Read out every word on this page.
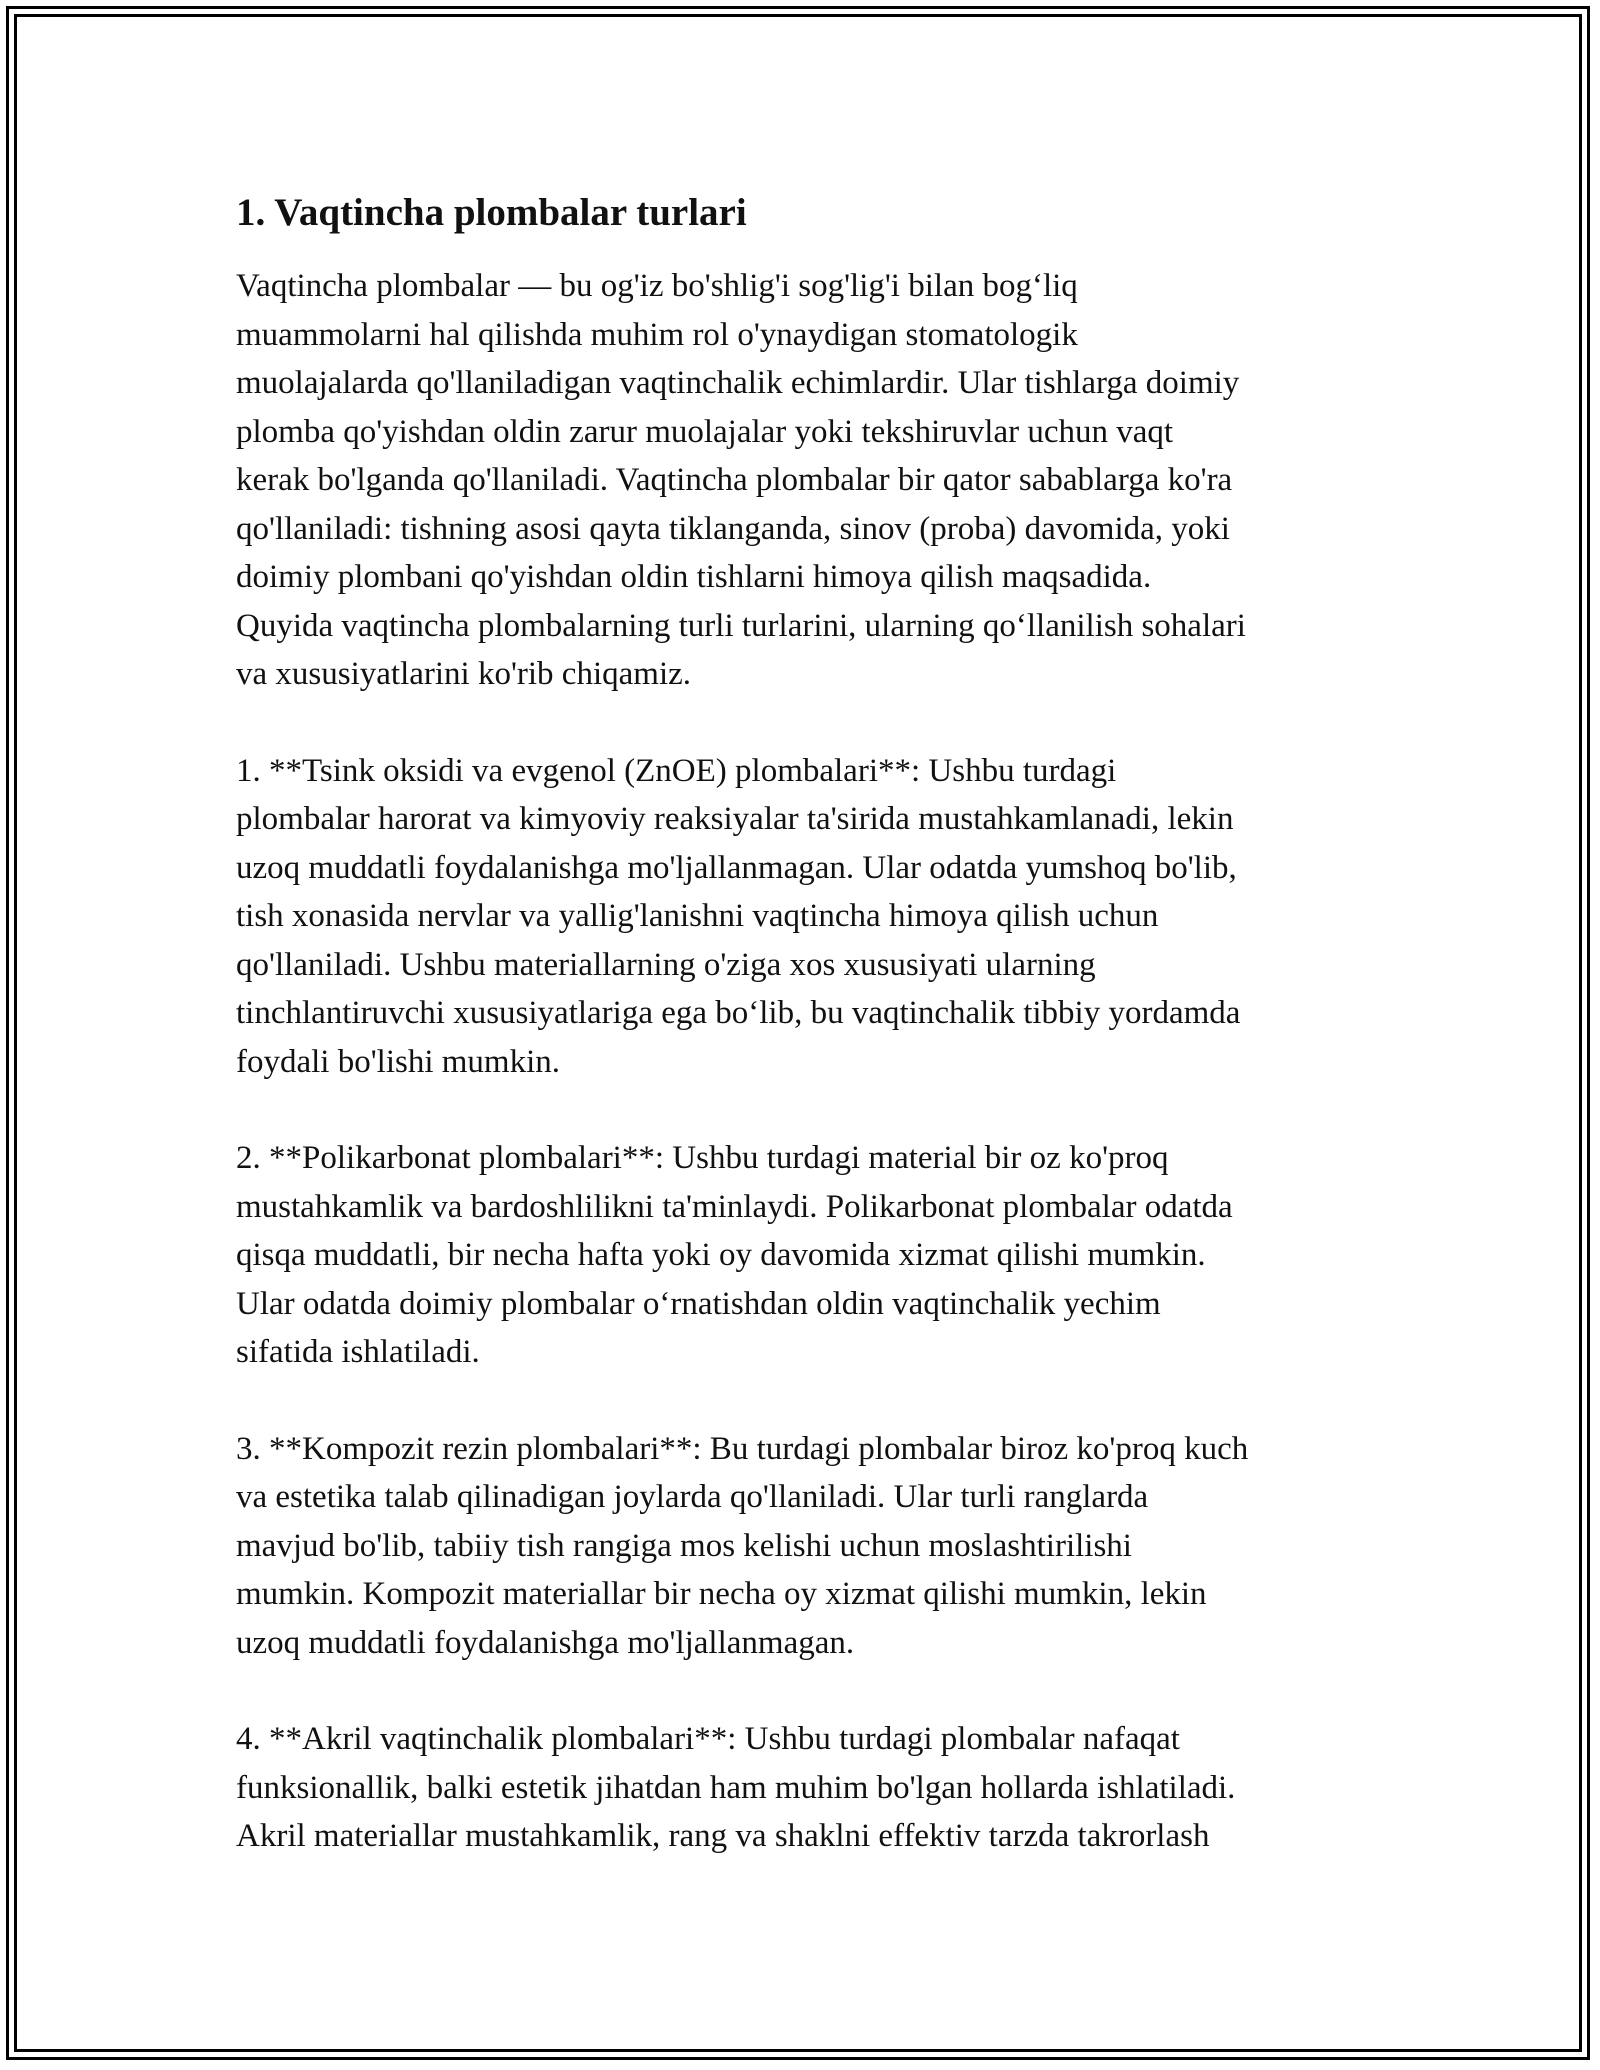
1. Vaqtincha plombalar turlari

Vaqtincha plombalar — bu og'iz bo'shlig'i sog'lig'i bilan bog‘liq
muammolarni hal qilishda muhim rol o'ynaydigan stomatologik
muolajalarda qo'llaniladigan vaqtinchalik echimlardir. Ular tishlarga doimiy
plomba qo'yishdan oldin zarur muolajalar yoki tekshiruvlar uchun vaqt
kerak bo'lganda qo'llaniladi. Vaqtincha plombalar bir qator sabablarga ko'ra
qo'llaniladi: tishning asosi qayta tiklanganda, sinov (proba) davomida, yoki
doimiy plombani qo'yishdan oldin tishlarni himoya qilish maqsadida.
Quyida vaqtincha plombalarning turli turlarini, ularning qo‘llanilish sohalari
va xususiyatlarini ko'rib chiqamiz.

1. **Tsink oksidi va evgenol (ZnOE) plombalari**: Ushbu turdagi
plombalar harorat va kimyoviy reaksiyalar ta'sirida mustahkamlanadi, lekin
uzoq muddatli foydalanishga mo'ljallanmagan. Ular odatda yumshoq bo'lib,
tish xonasida nervlar va yallig'lanishni vaqtincha himoya qilish uchun
qo'llaniladi. Ushbu materiallarning o'ziga xos xususiyati ularning
tinchlantiruvchi xususiyatlariga ega bo‘lib, bu vaqtinchalik tibbiy yordamda
foydali bo'lishi mumkin.

2. **Polikarbonat plombalari**: Ushbu turdagi material bir oz ko'proq
mustahkamlik va bardoshlilikni ta'minlaydi. Polikarbonat plombalar odatda
qisqa muddatli, bir necha hafta yoki oy davomida xizmat qilishi mumkin.
Ular odatda doimiy plombalar o‘rnatishdan oldin vaqtinchalik yechim
sifatida ishlatiladi.

3. **Kompozit rezin plombalari**: Bu turdagi plombalar biroz ko'proq kuch
va estetika talab qilinadigan joylarda qo'llaniladi. Ular turli ranglarda
mavjud bo'lib, tabiiy tish rangiga mos kelishi uchun moslashtirilishi
mumkin. Kompozit materiallar bir necha oy xizmat qilishi mumkin, lekin
uzoq muddatli foydalanishga mo'ljallanmagan.

4. **Akril vaqtinchalik plombalari**: Ushbu turdagi plombalar nafaqat
funksionallik, balki estetik jihatdan ham muhim bo'lgan hollarda ishlatiladi.
Akril materiallar mustahkamlik, rang va shaklni effektiv tarzda takrorlash
